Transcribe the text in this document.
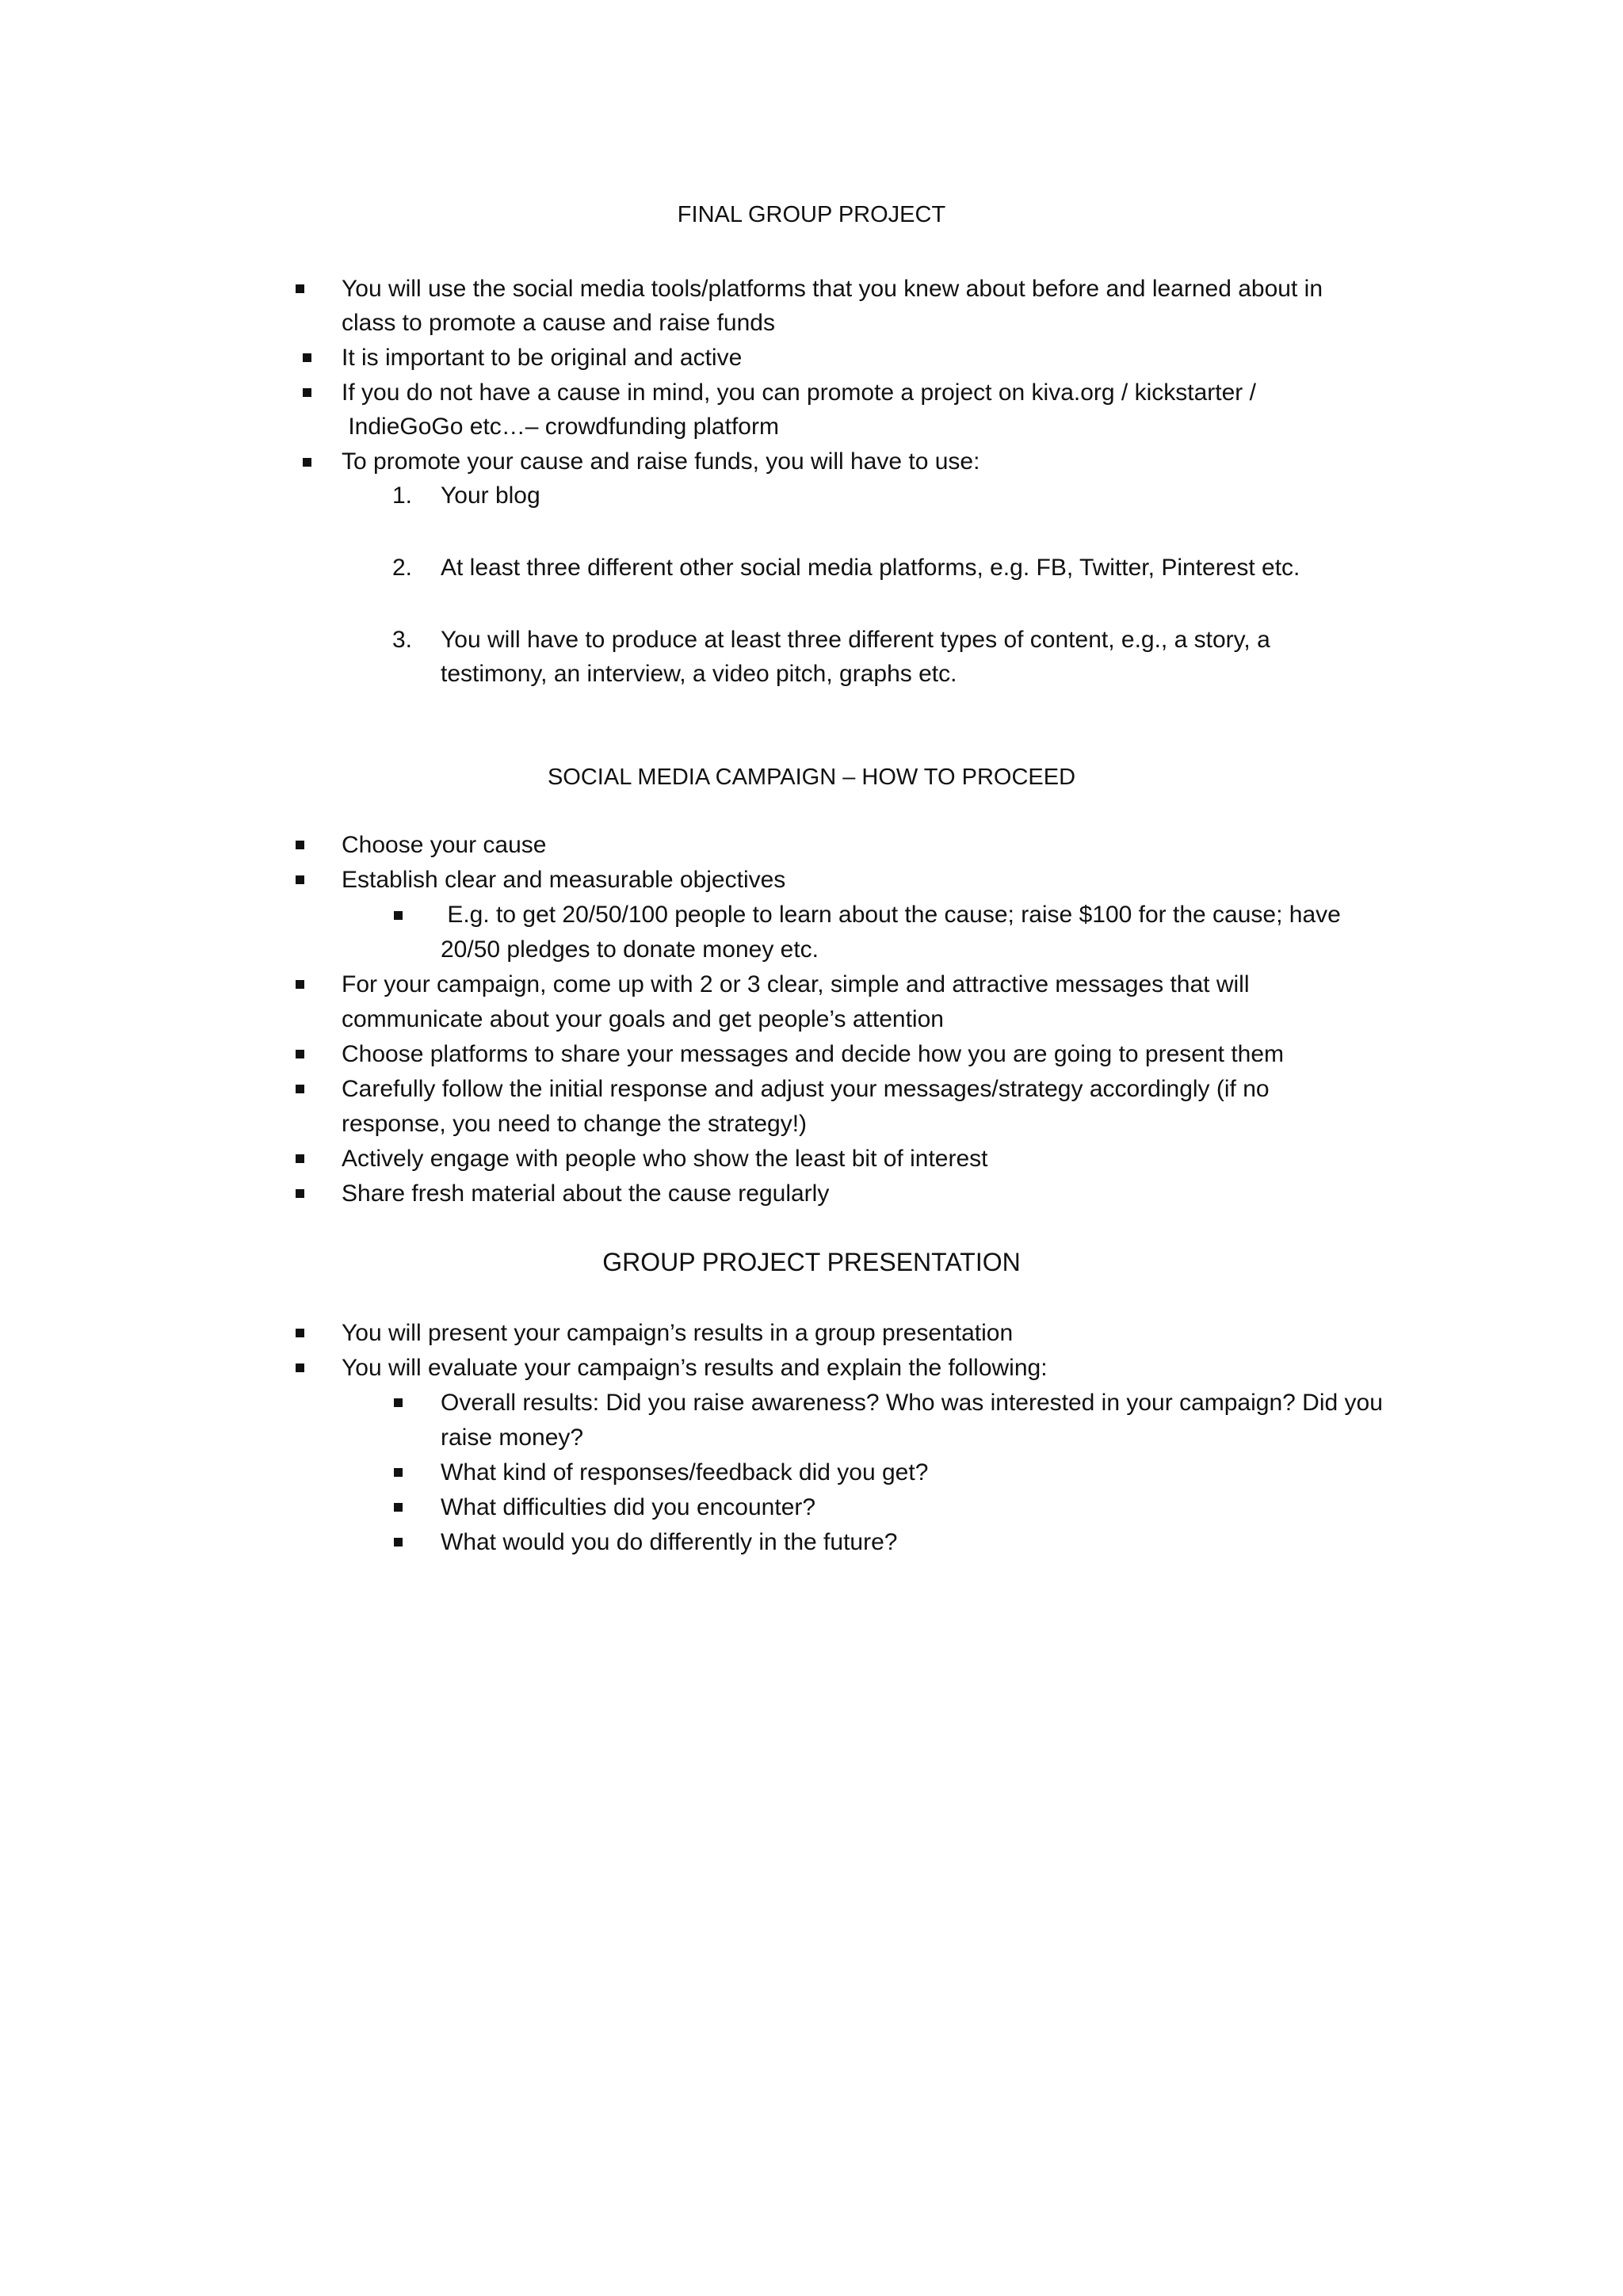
FINAL GROUP PROJECT
You will use the social media tools/platforms that you knew about before and learned about in
class to promote a cause and raise funds
It is important to be original and active
If you do not have a cause in mind, you can promote a project on kiva.org / kickstarter /
IndieGoGo etc…– crowdfunding platform
To promote your cause and raise funds, you will have to use:
1. Your blog
2. At least three different other social media platforms, e.g. FB, Twitter, Pinterest etc.
3. You will have to produce at least three different types of content, e.g., a story, a
testimony, an interview, a video pitch, graphs etc.
SOCIAL MEDIA CAMPAIGN – HOW TO PROCEED
Choose your cause
Establish clear and measurable objectives
E.g. to get 20/50/100 people to learn about the cause; raise $100 for the cause; have
20/50 pledges to donate money etc.
For your campaign, come up with 2 or 3 clear, simple and attractive messages that will
communicate about your goals and get people’s attention
Choose platforms to share your messages and decide how you are going to present them
Carefully follow the initial response and adjust your messages/strategy accordingly (if no
response, you need to change the strategy!)
Actively engage with people who show the least bit of interest
Share fresh material about the cause regularly
GROUP PROJECT PRESENTATION
You will present your campaign’s results in a group presentation
You will evaluate your campaign’s results and explain the following:
Overall results: Did you raise awareness? Who was interested in your campaign? Did you
raise money?
What kind of responses/feedback did you get?
What difficulties did you encounter?
What would you do differently in the future?
